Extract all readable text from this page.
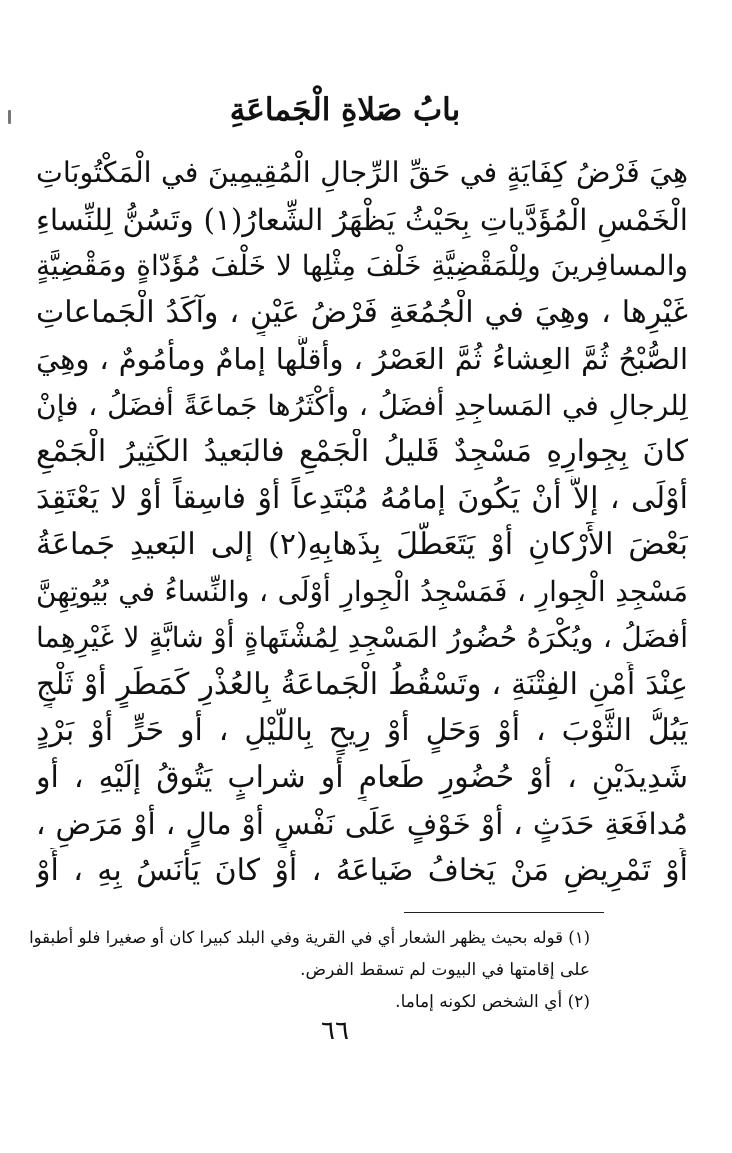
بابُ صَلاةِ الْجَماعَةِ
هِيَ فَرْضُ كِفَايَةٍ في حَقِّ الرِّجالِ الْمُقِيمِينَ في الْمَكْتُوبَاتِ
الْخَمْسِ الْمُؤَدَّياتِ بِحَيْثُ يَظْهَرُ الشِّعارُ(١) وتَسُنُّ لِلنِّساءِ
والمسافِرينَ ولِلْمَقْضِيَّةِ خَلْفَ مِثْلِها لا خَلْفَ مُؤَدّاةٍ ومَقْضِيَّةٍ
غَيْرِها ، وهِيَ في الْجُمُعَةِ فَرْضُ عَيْنٍ ، وآكَدُ الْجَماعاتِ
الصُّبْحُ ثُمَّ العِشاءُ ثُمَّ العَصْرُ ، وأقلُّها إمامٌ ومأمُومٌ ، وهِيَ
لِلرجالِ في المَساجِدِ أفضَلُ ، وأكْثَرُها جَماعَةً أفضَلُ ، فإنْ
كانَ بِجِوارِهِ مَسْجِدٌ قَليلُ الْجَمْعِ فالبَعيدُ الكَثِيرُ الْجَمْعِ
أوْلَى ، إلاَّ أنْ يَكُونَ إمامُهُ مُبْتَدِعاً أوْ فاسِقاً أوْ لا يَعْتَقِدَ
بَعْضَ الأَرْكانِ أوْ يَتَعَطَّلَ بِذَهابِهِ(٢) إلى البَعيدِ جَماعَةُ
مَسْجِدِ الْجِوارِ ، فَمَسْجِدُ الْجِوارِ أوْلَى ، والنِّساءُ في بُيُوتِهِنَّ
أفضَلُ ، ويُكْرَهُ حُضُورُ المَسْجِدِ لِمُشْتَهاةٍ أوْ شابَّةٍ لا غَيْرِهِما
عِنْدَ أَمْنِ الفِتْنَةِ ، وتَسْقُطُ الْجَماعَةُ بِالعُذْرِ كَمَطَرٍ أوْ ثَلْجٍ
يَبُلُّ الثَّوْبَ ، أوْ وَحَلٍ أوْ رِيحٍ بِاللَّيْلِ ، أو حَرٍّ أوْ بَرْدٍ
شَدِيدَيْنِ ، أوْ حُضُورِ طَعامٍ أو شرابٍ يَتُوقُ إلَيْهِ ، أو
مُدافَعَةِ حَدَثٍ ، أوْ خَوْفٍ عَلَى نَفْسٍ أوْ مالٍ ، أوْ مَرَضٍ ،
أَوْ تَمْرِيضِ مَنْ يَخافُ ضَياعَهُ ، أوْ كانَ يَأْنَسُ بِهِ ، أَوْ
(١) قوله بحيث يظهر الشعار أي في القرية وفي البلد كبيرا كان أو صغيرا فلو أطبقوا
على إقامتها في البيوت لم تسقط الفرض.
(٢) أي الشخص لكونه إماما.
٦٦
